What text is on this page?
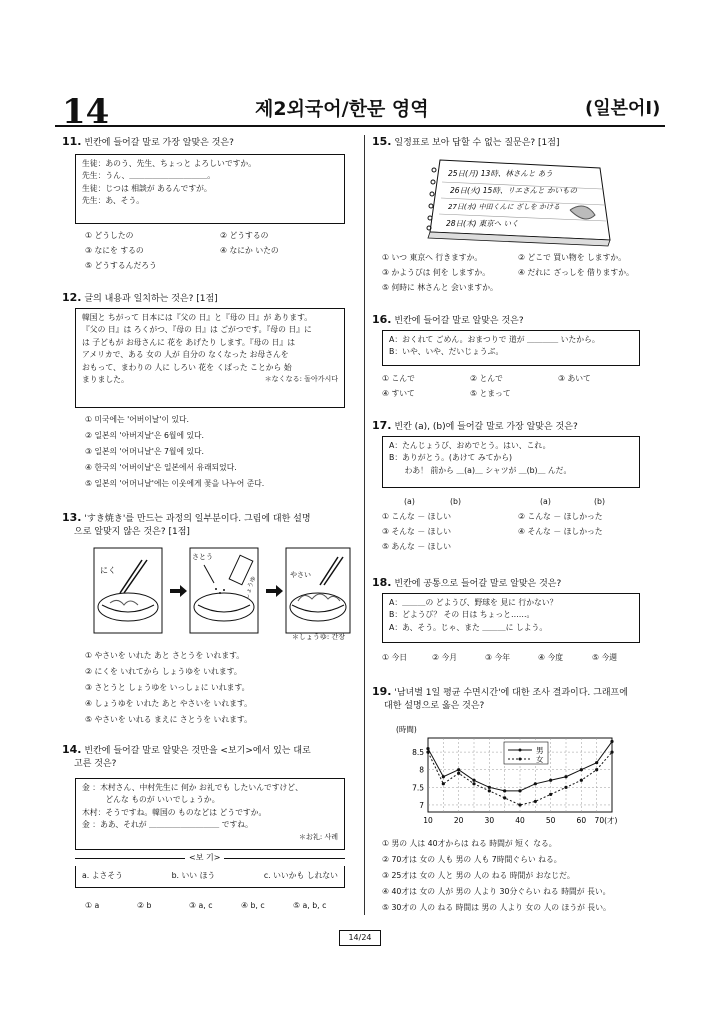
14	제2외국어/한문 영역	(일본어Ⅰ)
11. 빈칸에 들어갈 말로 가장 알맞은 것은?
生徒：あのう、先生、ちょっと よろしいですか。
先生：うん、＿＿＿＿＿＿＿＿＿＿。
生徒：じつは 相談が あるんですが。
先生：あ、そう。
① どうしたの	② どうするの
③ なにを するの	④ なにか いたの
⑤ どうするんだろう
12. 글의 내용과 일치하는 것은? [1점]
韓国と ちがって 日本には『父の 日』と『母の 日』が あります。
『父の 日』は ろくがつ、『母の 日』は ごがつです。『母の 日』に
は 子どもが お母さんに 花を あげたり します。『母の 日』は
アメリカで、ある 女の 人が 自分の なくなった お母さんを
おもって、まわりの 人に しろい 花を くばった ことから 始
まりました。	＊なくなる: 돌아가시다
① 미국에는 '어버이날'이 있다.
② 일본의 '아버지날'은 6월에 있다.
③ 일본의 '어머니날'은 7월에 있다.
④ 한국의 '어버이날'은 일본에서 유래되었다.
⑤ 일본의 '어머니날'에는 이웃에게 꽃을 나누어 준다.
13. 'すき焼き'를 만드는 과정의 일부분이다. 그림에 대한 설명
으로 알맞지 않은 것은? [1점]
にく
さとう
しょうゆ
やさい
＊しょうゆ: 간장
① やさいを いれた あと さとうを いれます。
② にくを いれてから しょうゆを いれます。
③ さとうと しょうゆを いっしょに いれます。
④ しょうゆを いれた あと やさいを いれます。
⑤ やさいを いれる まえに さとうを いれます。
14. 빈칸에 들어갈 말로 알맞은 것만을 <보기>에서 있는 대로
고른 것은?
金 ：木村さん、中村先生に 何か お礼でも したいんですけど、
　　　どんな ものが いいでしょうか。
木村：そうですね。韓国の ものなどは どうですか。
金 ：ああ、それが ＿＿＿＿＿＿＿＿＿ ですね。
＊お礼: 사례
<보 기>
a. よさそう	b. いい ほう	c. いいかも しれない
① a	② b	③ a, c	④ b, c	⑤ a, b, c
15. 일정표로 보아 답할 수 없는 질문은? [1점]
25日(月) 13時、林さんと あう
26日(火) 15時、リエさんと かいもの
27日(水) 中田くんに ざしを かける
28日(木) 東京へ いく
① いつ 東京へ 行きますか。	② どこで 買い物を しますか。
③ かようびは 何を しますか。	④ だれに ざっしを 借りますか。
⑤ 何時に 林さんと 会いますか。
16. 빈칸에 들어갈 말로 알맞은 것은?
A：おくれて ごめん。おまつりで 道が ＿＿＿＿ いたから。
B：いや、いや、だいじょうぶ。
① こんで	② とんで	③ あいて
④ すいて	⑤ とまって
17. 빈칸 (a), (b)에 들어갈 말로 가장 알맞은 것은?
A：たんじょうび、おめでとう。はい、これ。
B：ありがとう。(あけて みてから)
　　わあ！ 前から ＿(a)＿ シャツが ＿(b)＿ んだ。
(a)	(b)	(a)	(b)
① こんな － ほしい	② こんな － ほしかった
③ そんな － ほしい	④ そんな － ほしかった
⑤ あんな － ほしい
18. 빈칸에 공통으로 들어갈 말로 알맞은 것은?
A：＿＿＿の どようび、野球を 見に 行かない？
B：どようび？ その 日は ちょっと……。
A：あ、そう。じゃ、また ＿＿＿に しよう。
① 今日	② 今月	③ 今年	④ 今度	⑤ 今週
19. '남녀별 1일 평균 수면시간'에 대한 조사 결과이다. 그래프에
대한 설명으로 옳은 것은?
8.5
8
7.5
7
10	20	30	40	50	60 70(才)
(時間)
男
女
① 男の 人は 40才からは ねる 時間が 短く なる。
② 70才は 女の 人も 男の 人も 7時間ぐらい ねる。
③ 25才は 女の 人と 男の 人の ねる 時間が おなじだ。
④ 40才は 女の 人が 男の 人より 30分ぐらい ねる 時間が 長い。
⑤ 30才の 人の ねる 時間は 男の 人より 女の 人の ほうが 長い。
14/24
